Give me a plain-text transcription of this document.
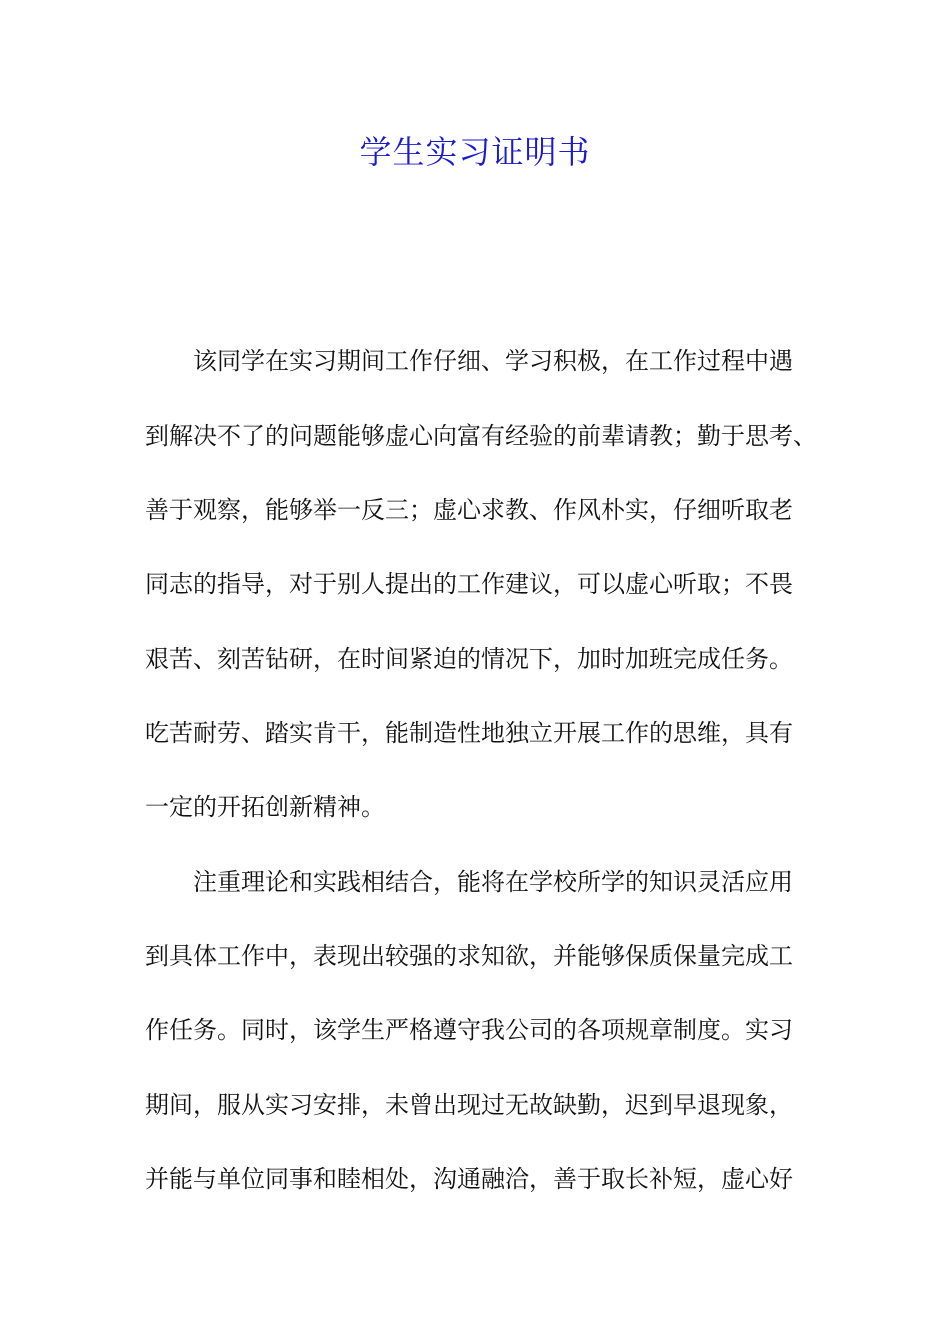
学生实习证明书
该同学在实习期间工作仔细、学习积极，在工作过程中遇
到解决不了的问题能够虚心向富有经验的前辈请教；勤于思考、
善于观察，能够举一反三；虚心求教、作风朴实，仔细听取老
同志的指导，对于别人提出的工作建议，可以虚心听取；不畏
艰苦、刻苦钻研，在时间紧迫的情况下，加时加班完成任务。
吃苦耐劳、踏实肯干，能制造性地独立开展工作的思维，具有
一定的开拓创新精神。
注重理论和实践相结合，能将在学校所学的知识灵活应用
到具体工作中，表现出较强的求知欲，并能够保质保量完成工
作任务。同时，该学生严格遵守我公司的各项规章制度。实习
期间，服从实习安排，未曾出现过无故缺勤，迟到早退现象，
并能与单位同事和睦相处，沟通融洽，善于取长补短，虚心好
